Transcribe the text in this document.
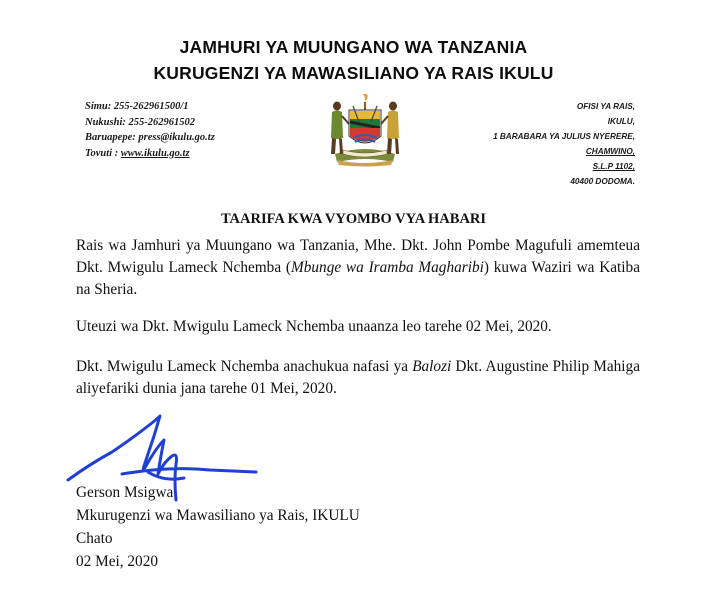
JAMHURI YA MUUNGANO WA TANZANIA
KURUGENZI YA MAWASILIANO YA RAIS IKULU
Simu: 255-262961500/1
Nukushi: 255-262961502
Baruapepe: press@ikulu.go.tz
Tovuti : www.ikulu.go.tz
OFISI YA RAIS,
IKULU,
1 BARABARA YA JULIUS NYERERE,
CHAMWINO,
S.L.P 1102,
40400 DODOMA.
TAARIFA KWA VYOMBO VYA HABARI
Rais wa Jamhuri ya Muungano wa Tanzania, Mhe. Dkt. John Pombe Magufuli amemteua Dkt. Mwigulu Lameck Nchemba (Mbunge wa Iramba Magharibi) kuwa Waziri wa Katiba na Sheria.
Uteuzi wa Dkt. Mwigulu Lameck Nchemba unaanza leo tarehe 02 Mei, 2020.
Dkt. Mwigulu Lameck Nchemba anachukua nafasi ya Balozi Dkt. Augustine Philip Mahiga aliyefariki dunia jana tarehe 01 Mei, 2020.
Gerson Msigwa
Mkurugenzi wa Mawasiliano ya Rais, IKULU
Chato
02 Mei, 2020
